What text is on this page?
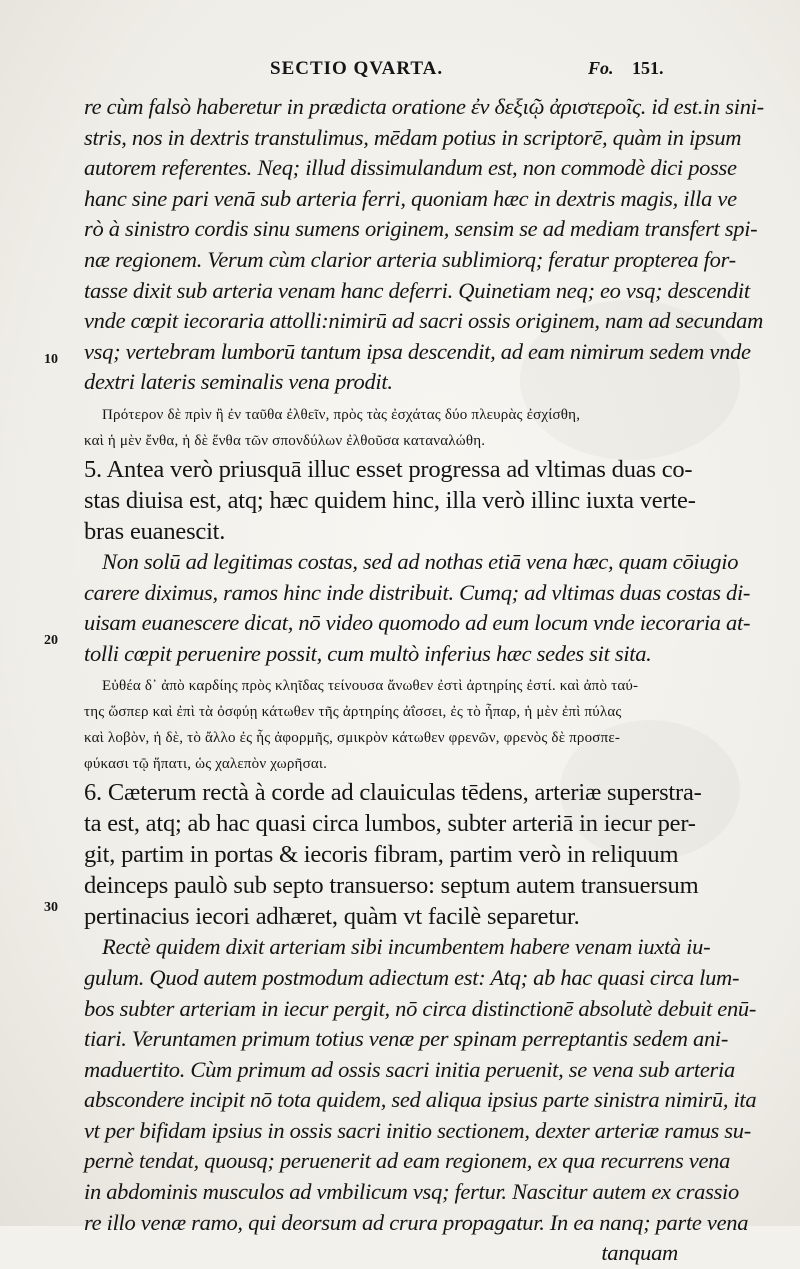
SECTIO QVARTA.	Fo. 151.
10
20
30
re cùm falsò haberetur in prædicta oratione ἐν δεξιῷ ἀριστεροῖς. id est.in sini-
stris, nos in dextris transtulimus, mēdam potius in scriptorē, quàm in ipsum
autorem referentes. Neq; illud dissimulandum est, non commodè dici posse
hanc sine pari venā sub arteria ferri, quoniam hæc in dextris magis, illa ve
rò à sinistro cordis sinu sumens originem, sensim se ad mediam transfert spi-
næ regionem. Verum cùm clarior arteria sublimiorq; feratur propterea for-
tasse dixit sub arteria venam hanc deferri. Quinetiam neq; eo vsq; descendit
vnde cœpit iecoraria attolli:nimirū ad sacri ossis originem, nam ad secundam
vsq; vertebram lumborū tantum ipsa descendit, ad eam nimirum sedem vnde
dextri lateris seminalis vena prodit.
Πρότερον δὲ πρὶν ἢ ἐν ταῦθα ἐλθεῖν, πρὸς τὰς ἐσχάτας δύο πλευρὰς ἐσχίσθη,
καὶ ἡ μὲν ἔνθα, ἡ δὲ ἔνθα τῶν σπονδύλων ἐλθοῦσα καταναλώθη.
5. Antea verò priusquā illuc esset progressa ad vltimas duas co-
stas diuisa est, atq; hæc quidem hinc, illa verò illinc iuxta verte-
bras euanescit.
Non solū ad legitimas costas, sed ad nothas etiā vena hæc, quam cōiugio
carere diximus, ramos hinc inde distribuit. Cumq; ad vltimas duas costas di-
uisam euanescere dicat, nō video quomodo ad eum locum vnde iecoraria at-
tolli cœpit peruenire possit, cum multò inferius hæc sedes sit sita.
Εὐθέα δ᾽ ἀπὸ καρδίης πρὸς κληῖδας τείνουσα ἄνωθεν ἐστὶ ἀρτηρίης ἐστί. καὶ ἀπὸ ταύ-
της ὥσπερ καὶ ἐπὶ τὰ ὀσφύῃ κάτωθεν τῆς ἀρτηρίης ἀΐσσει, ἐς τὸ ἧπαρ, ἡ μὲν ἐπὶ πύλας
καὶ λοβὸν, ἡ δὲ, τὸ ἄλλο ἐς ἧς ἀφορμῆς, σμικρὸν κάτωθεν φρενῶν, φρενὸς δὲ προσπε-
φύκασι τῷ ἥπατι, ὡς χαλεπὸν χωρῆσαι.
6. Cæterum rectà à corde ad clauiculas tēdens, arteriæ superstra-
ta est, atq; ab hac quasi circa lumbos, subter arteriā in iecur per-
git, partim in portas & iecoris fibram, partim verò in reliquum
deinceps paulò sub septo transuerso: septum autem transuersum
pertinacius iecori adhæret, quàm vt facilè separetur.
Rectè quidem dixit arteriam sibi incumbentem habere venam iuxtà iu-
gulum. Quod autem postmodum adiectum est: Atq; ab hac quasi circa lum-
bos subter arteriam in iecur pergit, nō circa distinctionē absolutè debuit enū-
tiari. Veruntamen primum totius venæ per spinam perreptantis sedem ani-
maduertito. Cùm primum ad ossis sacri initia peruenit, se vena sub arteria
abscondere incipit nō tota quidem, sed aliqua ipsius parte sinistra nimirū, ita
vt per bifidam ipsius in ossis sacri initio sectionem, dexter arteriæ ramus su-
pernè tendat, quousq; peruenerit ad eam regionem, ex qua recurrens vena
in abdominis musculos ad vmbilicum vsq; fertur. Nascitur autem ex crassio
re illo venæ ramo, qui deorsum ad crura propagatur. In ea nanq; parte vena
tanquam
